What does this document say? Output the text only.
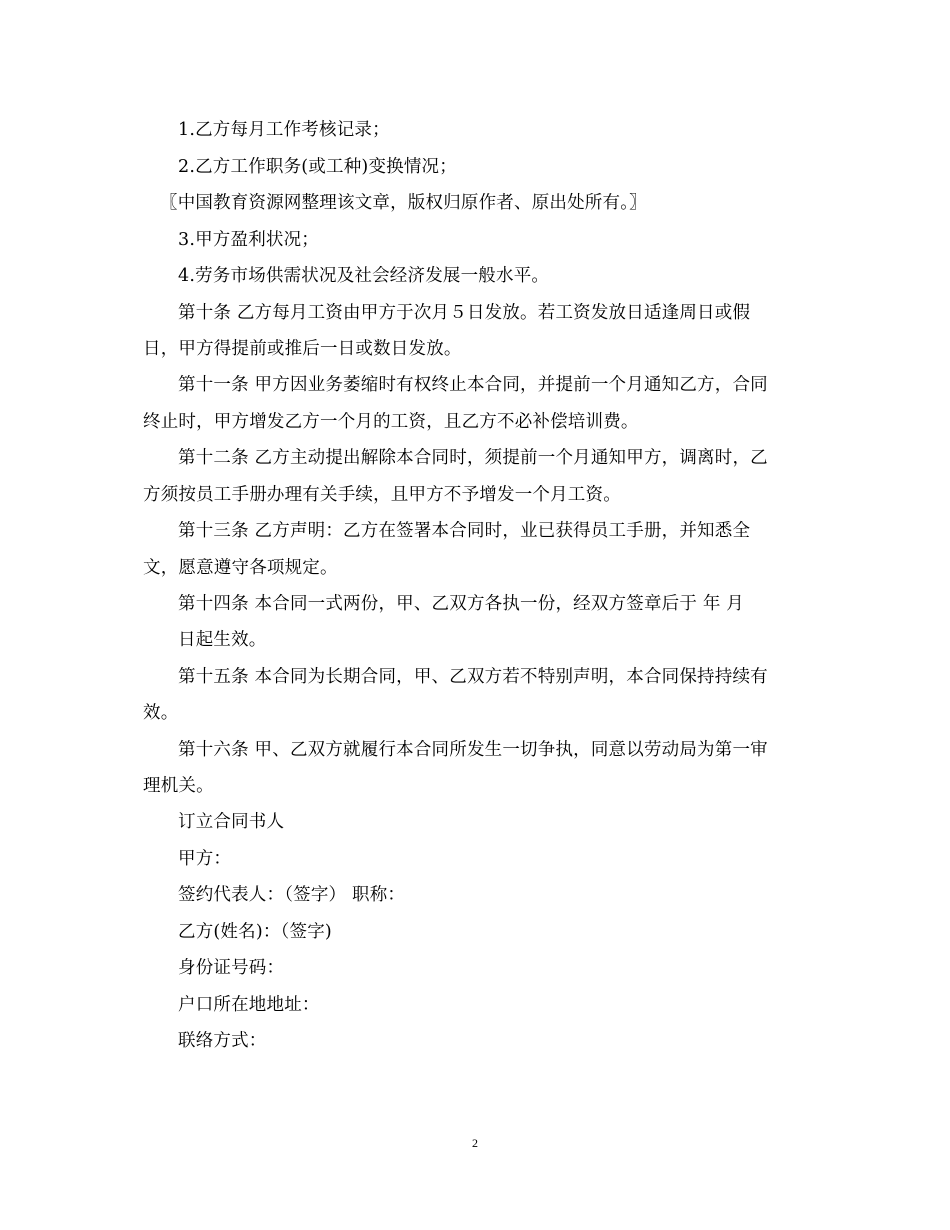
1.乙方每月工作考核记录；
2.乙方工作职务(或工种)变换情况；
〖中国教育资源网整理该文章，版权归原作者、原出处所有。〗
3.甲方盈利状况；
4.劳务市场供需状况及社会经济发展一般水平。
第十条 乙方每月工资由甲方于次月５日发放。若工资发放日适逢周日或假
日，甲方得提前或推后一日或数日发放。
第十一条 甲方因业务萎缩时有权终止本合同，并提前一个月通知乙方，合同
终止时，甲方增发乙方一个月的工资，且乙方不必补偿培训费。
第十二条 乙方主动提出解除本合同时，须提前一个月通知甲方，调离时，乙
方须按员工手册办理有关手续，且甲方不予增发一个月工资。
第十三条 乙方声明：乙方在签署本合同时，业已获得员工手册，并知悉全
文，愿意遵守各项规定。
第十四条 本合同一式两份，甲、乙双方各执一份，经双方签章后于 年 月
日起生效。
第十五条 本合同为长期合同，甲、乙双方若不特别声明，本合同保持持续有
效。
第十六条 甲、乙双方就履行本合同所发生一切争执，同意以劳动局为第一审
理机关。
订立合同书人
甲方：
签约代表人：（签字） 职称：
乙方(姓名)：（签字)
身份证号码：
户口所在地地址：
联络方式：
2
